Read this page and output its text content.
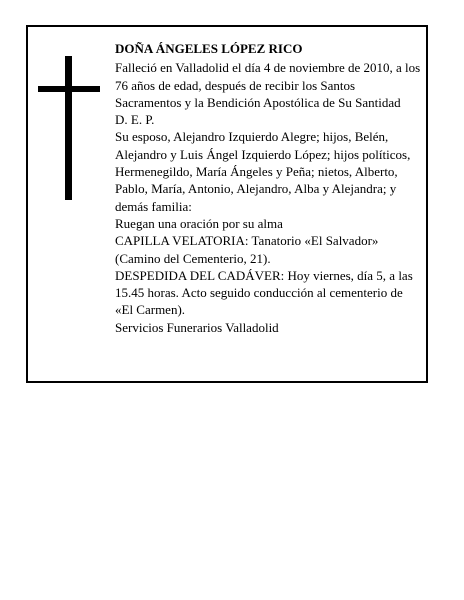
DOÑA ÁNGELES LÓPEZ RICO

Falleció en Valladolid el día 4 de noviembre de 2010, a los 76 años de edad, después de recibir los Santos Sacramentos y la Bendición Apostólica de Su Santidad

D. E. P.

Su esposo, Alejandro Izquierdo Alegre; hijos, Belén, Alejandro y Luis Ángel Izquierdo López; hijos políticos, Hermenegildo, María Ángeles y Peña; nietos, Alberto, Pablo, María, Antonio, Alejandro, Alba y Alejandra; y demás familia:

Ruegan una oración por su alma

CAPILLA VELATORIA: Tanatorio «El Salvador» (Camino del Cementerio, 21).

DESPEDIDA DEL CADÁVER: Hoy viernes, día 5, a las 15.45 horas. Acto seguido conducción al cementerio de «El Carmen).

Servicios Funerarios Valladolid
